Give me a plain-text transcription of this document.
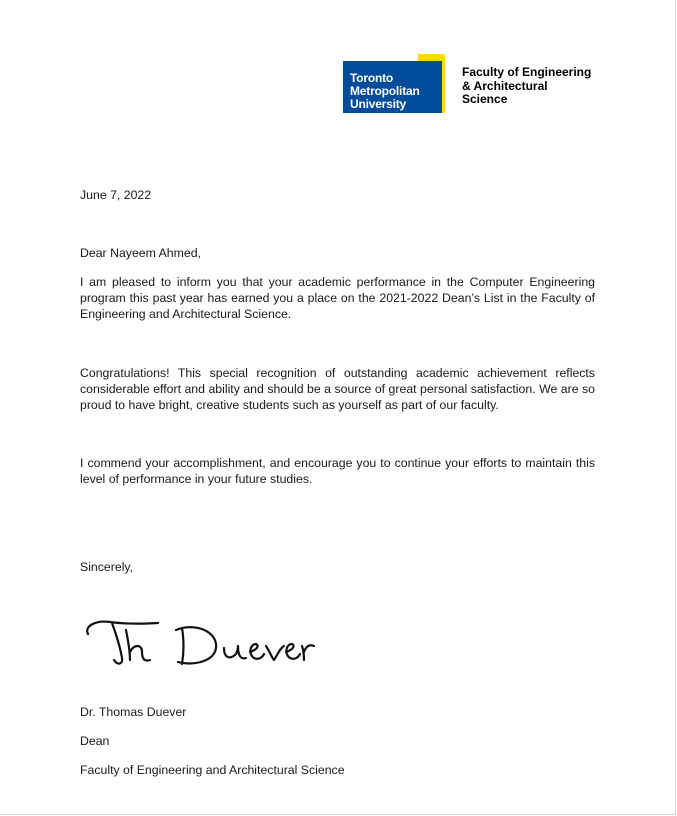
Toronto
Metropolitan
University

Faculty of Engineering
& Architectural
Science

June 7, 2022

Dear Nayeem Ahmed,

I am pleased to inform you that your academic performance in the Computer Engineering program this past year has earned you a place on the 2021-2022 Dean’s List in the Faculty of Engineering and Architectural Science.

Congratulations! This special recognition of outstanding academic achievement reflects considerable effort and ability and should be a source of great personal satisfaction. We are so proud to have bright, creative students such as yourself as part of our faculty.

I commend your accomplishment, and encourage you to continue your efforts to maintain this level of performance in your future studies.

Sincerely,

Dr. Thomas Duever

Dean

Faculty of Engineering and Architectural Science
